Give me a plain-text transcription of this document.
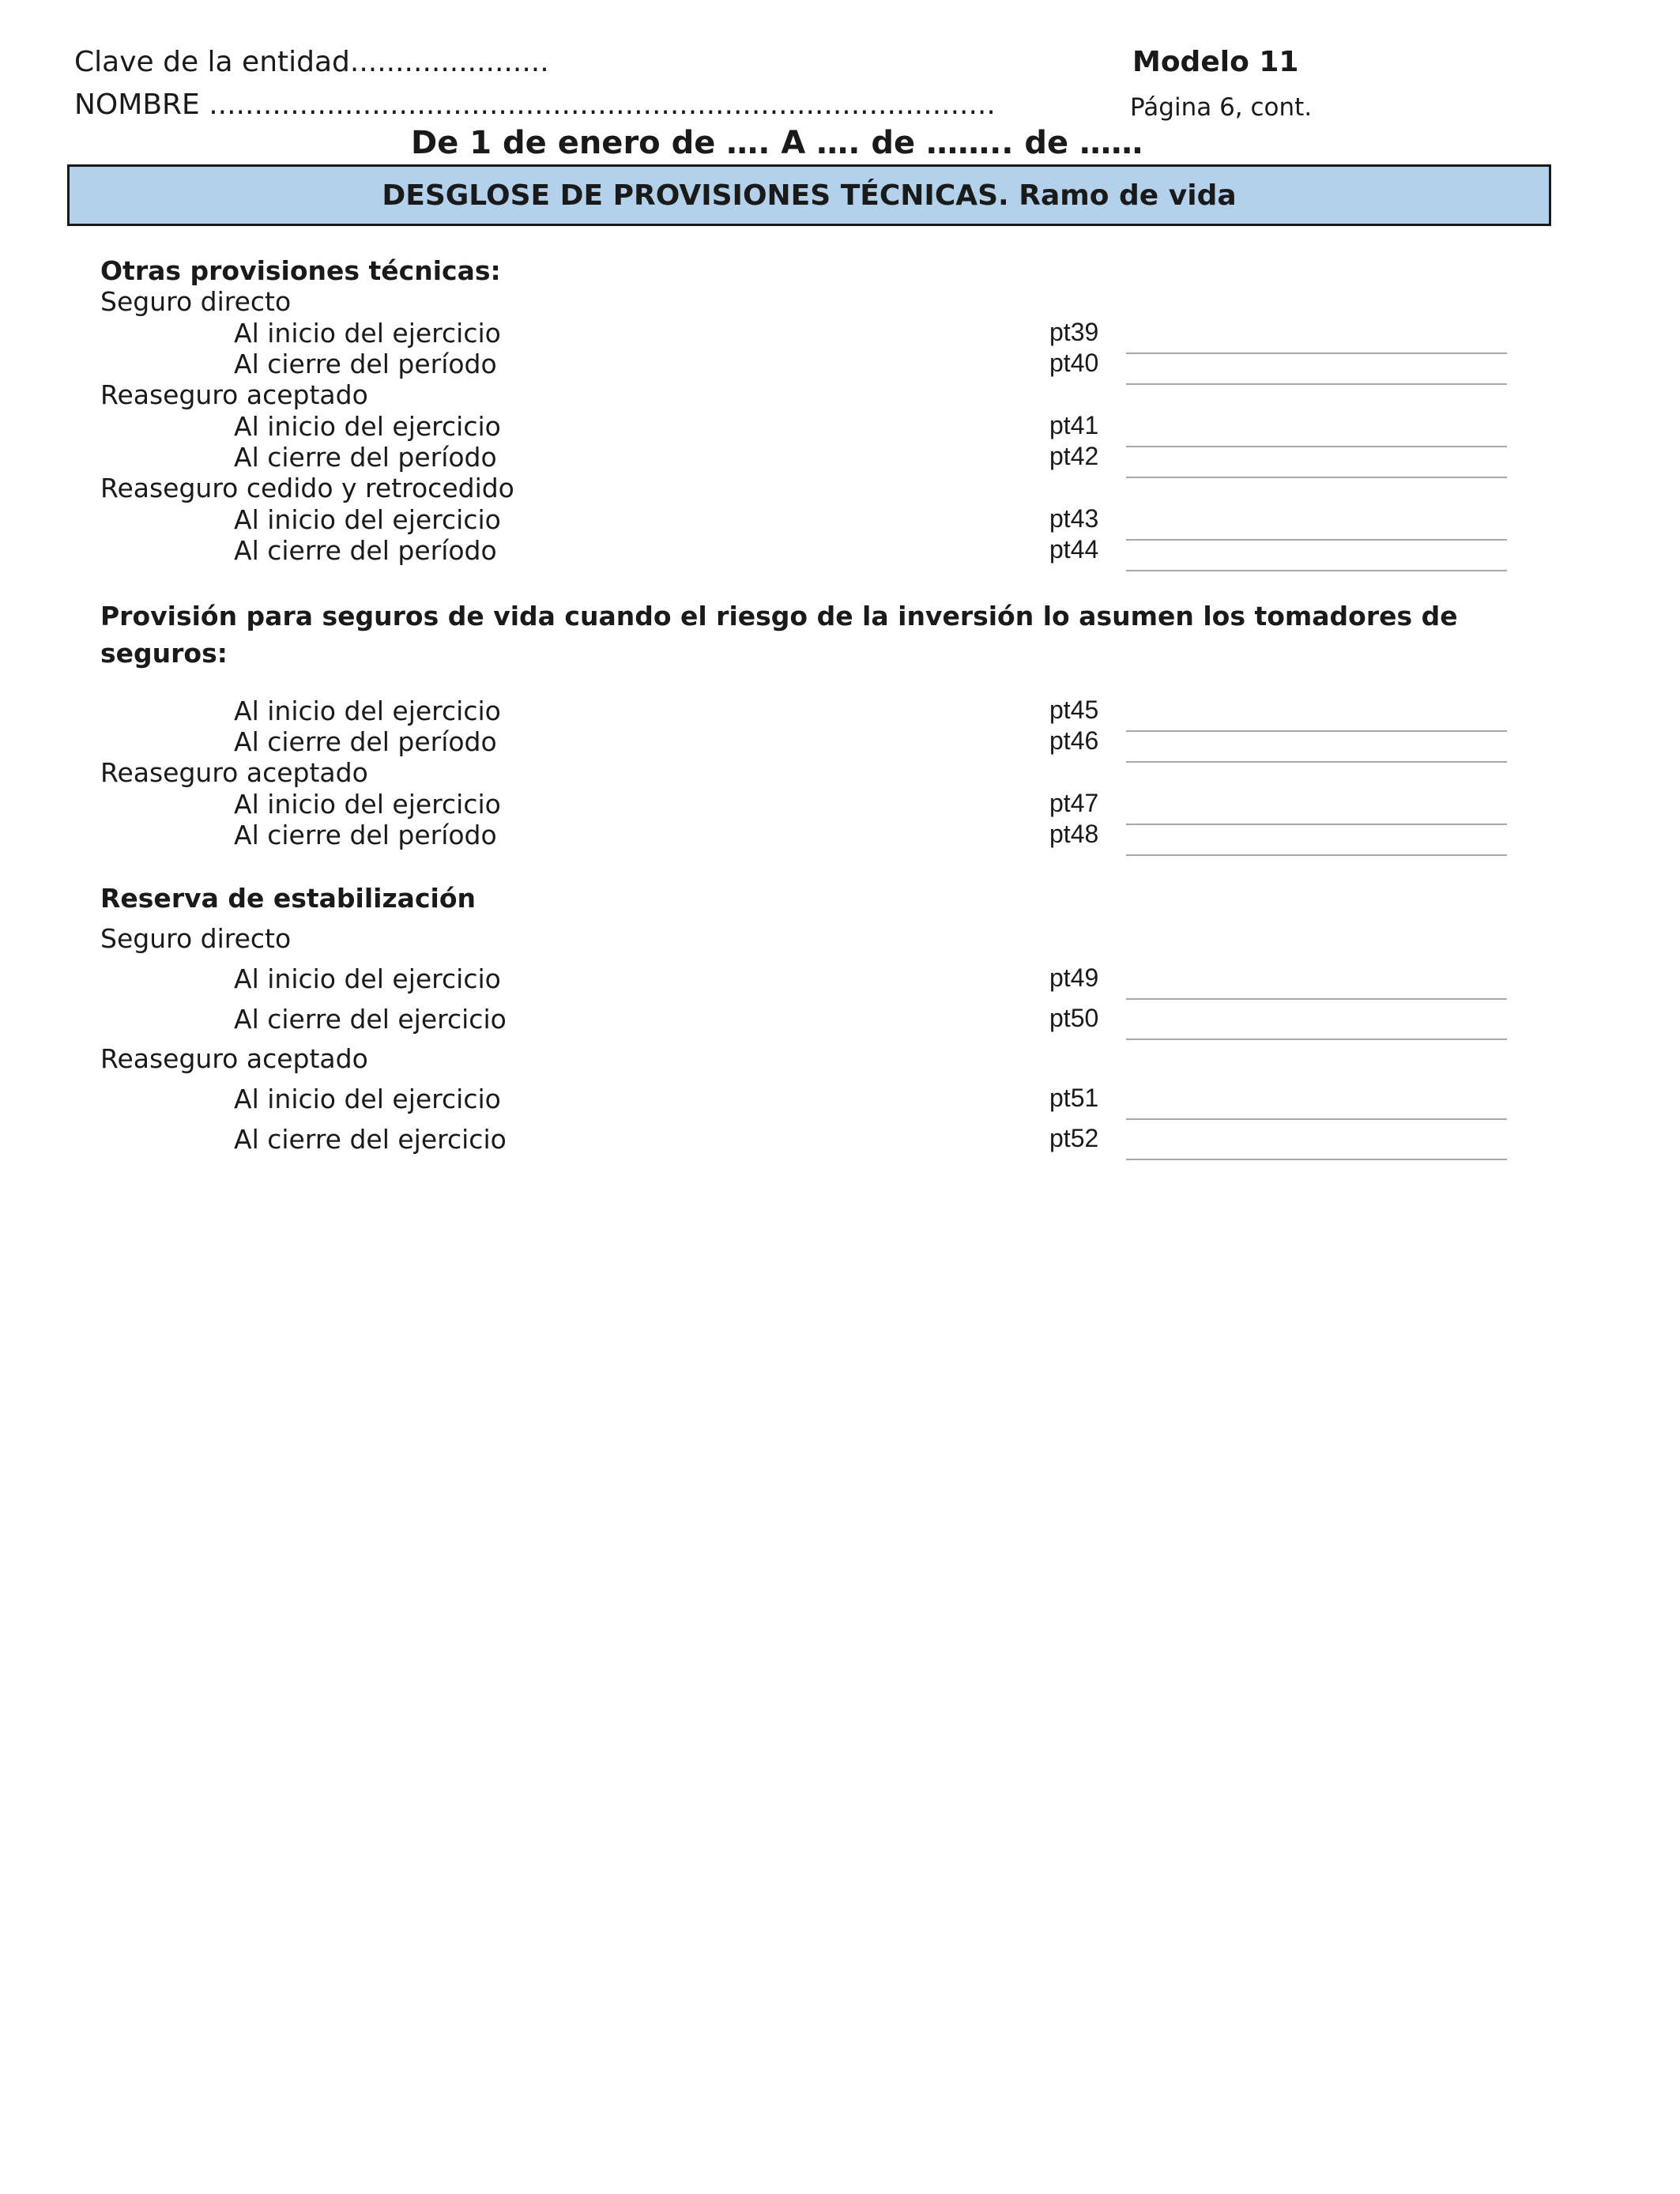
Clave de la entidad......................	Modelo 11
NOMBRE .......................................................................................	Página 6, cont.
De 1 de enero de …. A …. de …….. de ……
DESGLOSE DE PROVISIONES TÉCNICAS. Ramo de vida
Otras provisiones técnicas:
Seguro directo
Al inicio del ejercicio	pt39
Al cierre del período	pt40
Reaseguro aceptado
Al inicio del ejercicio	pt41
Al cierre del período	pt42
Reaseguro cedido y retrocedido
Al inicio del ejercicio	pt43
Al cierre del período	pt44
Provisión para seguros de vida cuando el riesgo de la inversión lo asumen los tomadores de seguros:
Al inicio del ejercicio	pt45
Al cierre del período	pt46
Reaseguro aceptado
Al inicio del ejercicio	pt47
Al cierre del período	pt48
Reserva de estabilización
Seguro directo
Al inicio del ejercicio	pt49
Al cierre del ejercicio	pt50
Reaseguro aceptado
Al inicio del ejercicio	pt51
Al cierre del ejercicio	pt52
